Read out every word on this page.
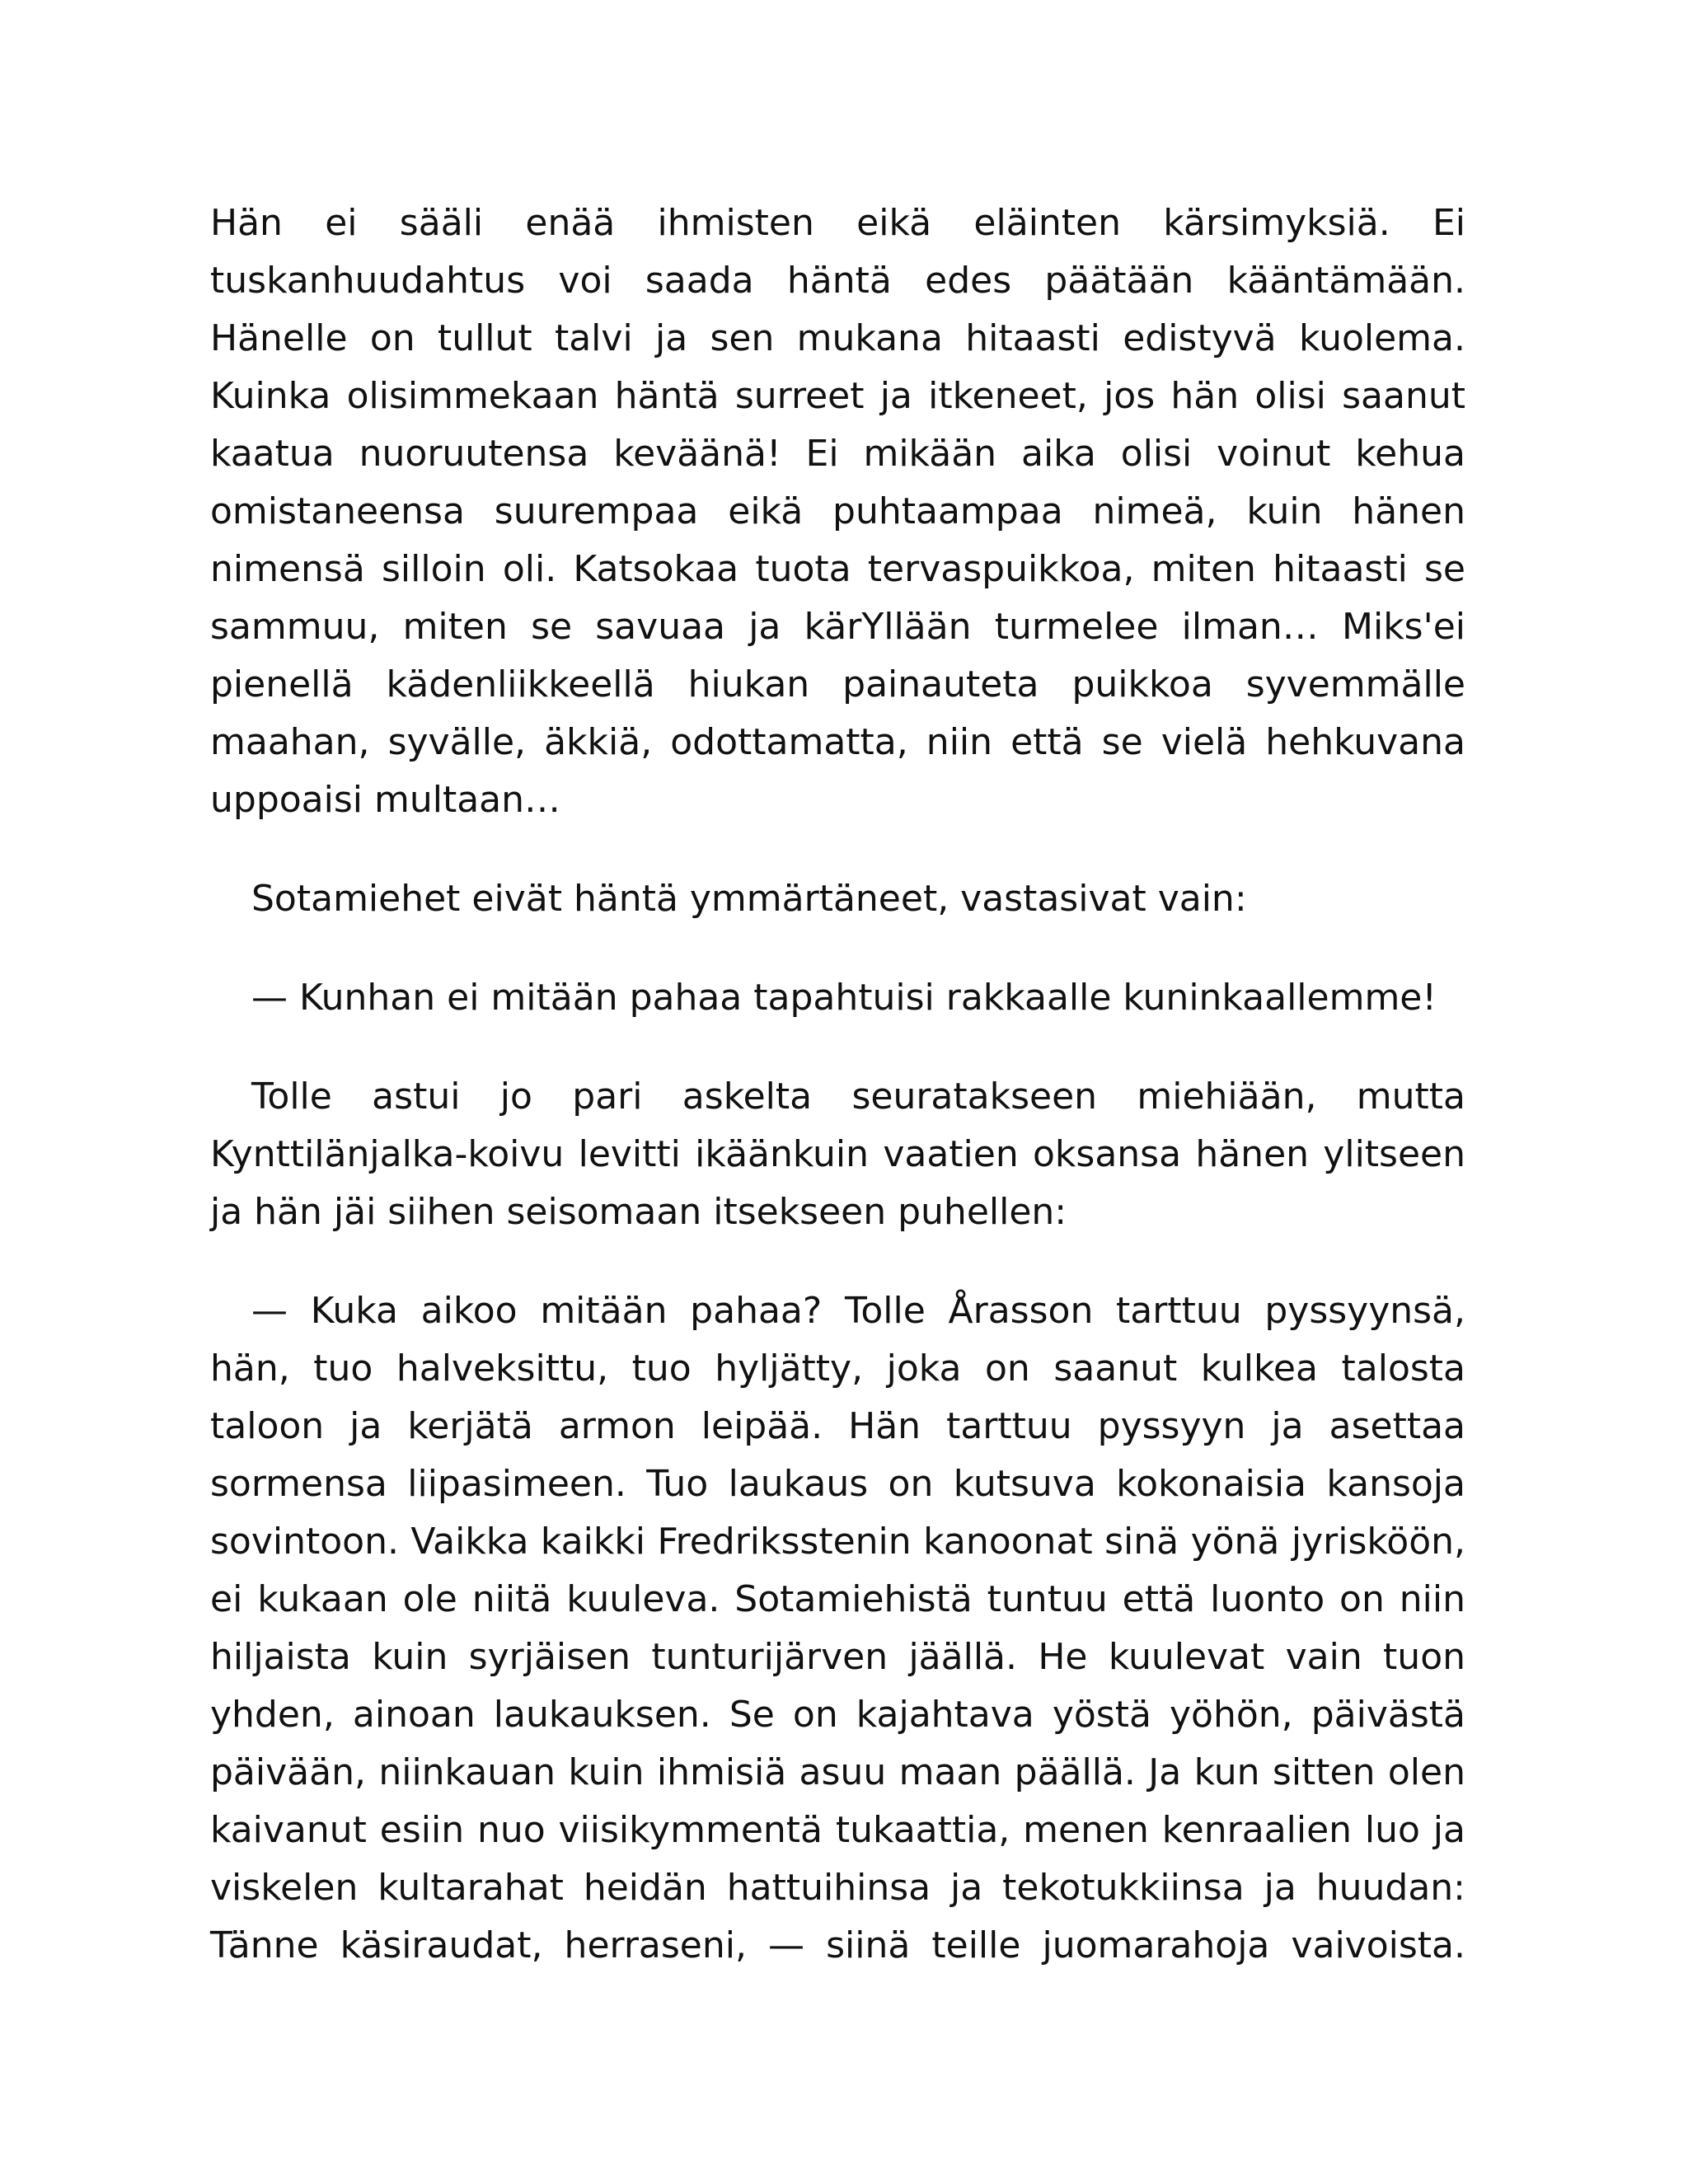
Hän ei sääli enää ihmisten eikä eläinten kärsimyksiä. Ei tuskanhuudahtus voi saada häntä edes päätään kääntämään. Hänelle on tullut talvi ja sen mukana hitaasti edistyvä kuolema. Kuinka olisimmekaan häntä surreet ja itkeneet, jos hän olisi saanut kaatua nuoruutensa keväänä! Ei mikään aika olisi voinut kehua omistaneensa suurempaa eikä puhtaampaa nimeä, kuin hänen nimensä silloin oli. Katsokaa tuota tervaspuikkoa, miten hitaasti se sammuu, miten se savuaa ja kärYllään turmelee ilman… Miks'ei pienellä kädenliikkeellä hiukan painauteta puikkoa syvemmälle maahan, syvälle, äkkiä, odottamatta, niin että se vielä hehkuvana uppoaisi multaan…

Sotamiehet eivät häntä ymmärtäneet, vastasivat vain:

— Kunhan ei mitään pahaa tapahtuisi rakkaalle kuninkaallemme!

Tolle astui jo pari askelta seuratakseen miehiään, mutta Kynttilänjalka-koivu levitti ikäänkuin vaatien oksansa hänen ylitseen ja hän jäi siihen seisomaan itsekseen puhellen:

— Kuka aikoo mitään pahaa? Tolle Årasson tarttuu pyssyynsä, hän, tuo halveksittu, tuo hyljätty, joka on saanut kulkea talosta taloon ja kerjätä armon leipää. Hän tarttuu pyssyyn ja asettaa sormensa liipasimeen. Tuo laukaus on kutsuva kokonaisia kansoja sovintoon. Vaikka kaikki Fredriksstenin kanoonat sinä yönä jyrisköön, ei kukaan ole niitä kuuleva. Sotamiehistä tuntuu että luonto on niin hiljaista kuin syrjäisen tunturijärven jäällä. He kuulevat vain tuon yhden, ainoan laukauksen. Se on kajahtava yöstä yöhön, päivästä päivään, niinkauan kuin ihmisiä asuu maan päällä. Ja kun sitten olen kaivanut esiin nuo viisikymmentä tukaattia, menen kenraalien luo ja viskelen kultarahat heidän hattuihinsa ja tekotukkiinsa ja huudan: Tänne käsiraudat, herraseni, — siinä teille juomarahoja vaivoista.
